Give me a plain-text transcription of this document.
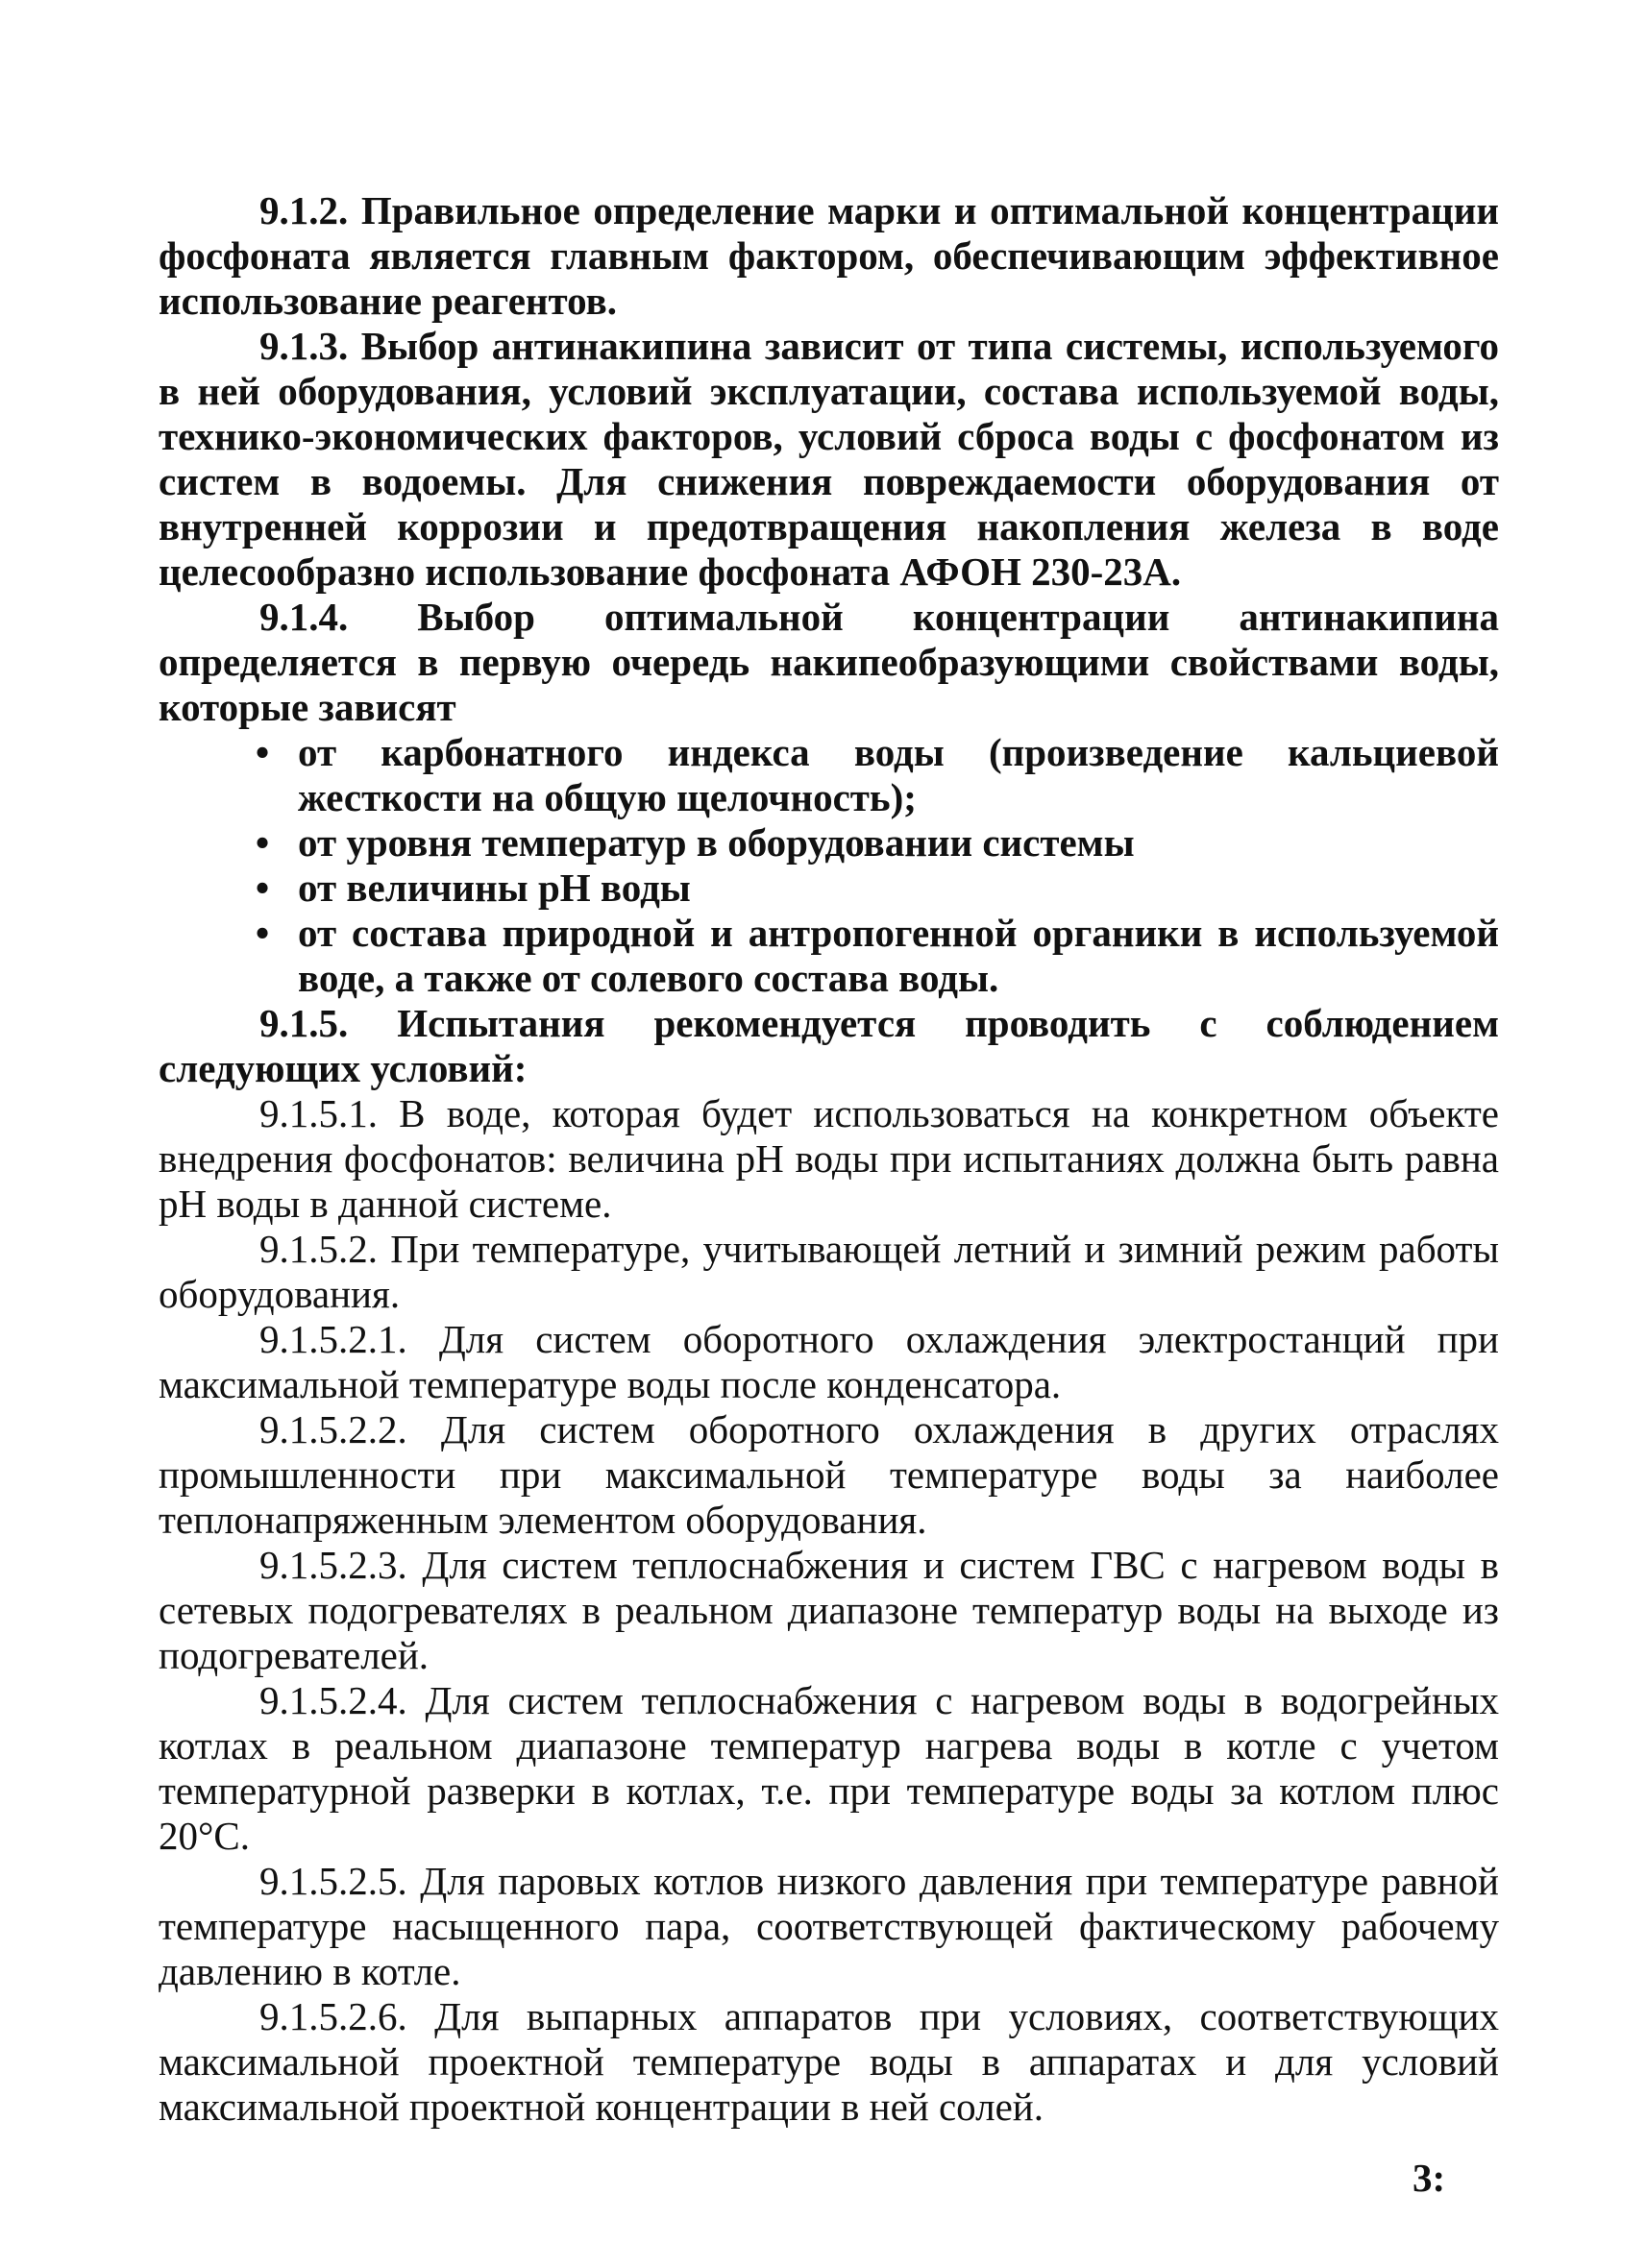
9.1.2. Правильное определение марки и оптимальной концентрации фосфоната является главным фактором, обеспечивающим эффективное использование реагентов.

9.1.3. Выбор антинакипина зависит от типа системы, используемого в ней оборудования, условий эксплуатации, состава используемой воды, технико-экономических факторов, условий сброса воды с фосфонатом из систем в водоемы. Для снижения повреждаемости оборудования от внутренней коррозии и предотвращения накопления железа в воде целесообразно использование фосфоната АФОН 230-23А.

9.1.4. Выбор оптимальной концентрации антинакипина определяется в первую очередь накипеобразующими свойствами воды, которые зависят

• от карбонатного индекса воды (произведение кальциевой жесткости на общую щелочность);
• от уровня температур в оборудовании системы
• от величины pH воды
• от состава природной и антропогенной органики в используемой воде, а также от солевого состава воды.

9.1.5. Испытания рекомендуется проводить с соблюдением следующих условий:

9.1.5.1. В воде, которая будет использоваться на конкретном объекте внедрения фосфонатов: величина pH воды при испытаниях должна быть равна pH воды в данной системе.

9.1.5.2. При температуре, учитывающей летний и зимний режим работы оборудования.

9.1.5.2.1. Для систем оборотного охлаждения электростанций при максимальной температуре воды после конденсатора.

9.1.5.2.2. Для систем оборотного охлаждения в других отраслях промышленности при максимальной температуре воды за наиболее теплонапряженным элементом оборудования.

9.1.5.2.3. Для систем теплоснабжения и систем ГВС с нагревом воды в сетевых подогревателях в реальном диапазоне температур воды на выходе из подогревателей.

9.1.5.2.4. Для систем теплоснабжения с нагревом воды в водогрейных котлах в реальном диапазоне температур нагрева воды в котле с учетом температурной разверки в котлах, т.е. при температуре воды за котлом плюс 20°С.

9.1.5.2.5. Для паровых котлов низкого давления при температуре равной температуре насыщенного пара, соответствующей фактическому рабочему давлению в котле.

9.1.5.2.6. Для выпарных аппаратов при условиях, соответствующих максимальной проектной температуре воды в аппаратах и для условий максимальной проектной концентрации в ней солей.

3:
